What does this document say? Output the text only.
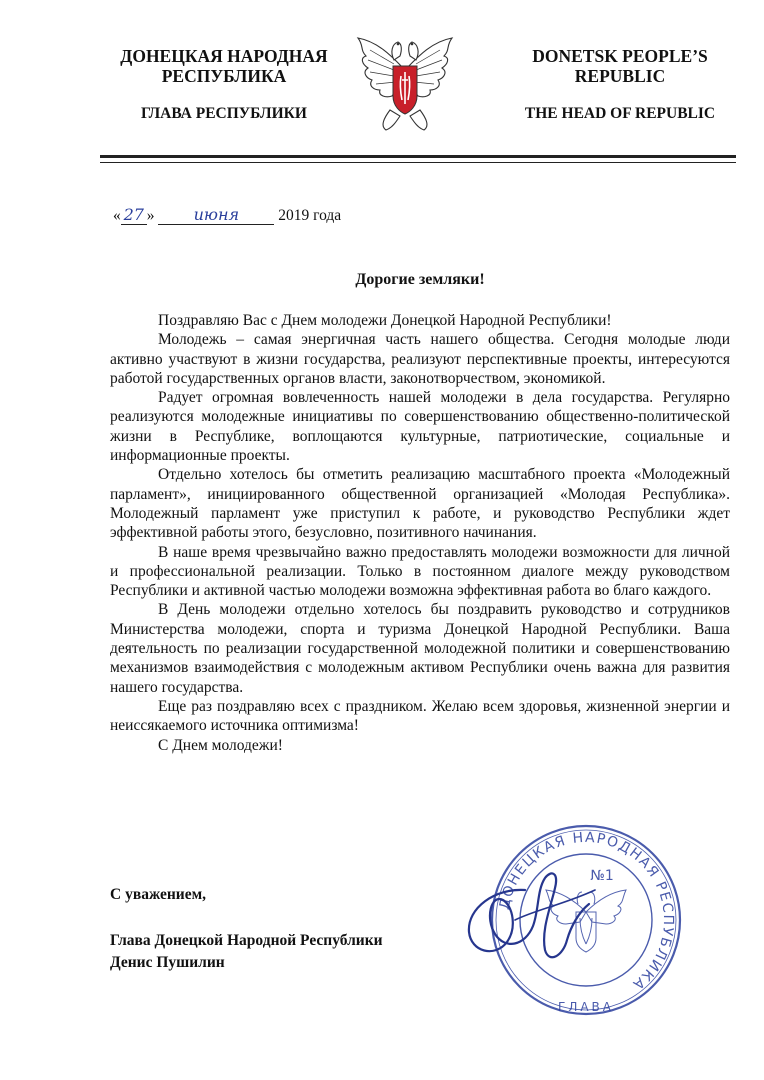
ДОНЕЦКАЯ НАРОДНАЯ
РЕСПУБЛИКА
ГЛАВА РЕСПУБЛИКИ
DONETSK PEOPLE’S
REPUBLIC
THE HEAD OF REPUBLIC
« 27 » июня	2019 года
Дорогие земляки!

Поздравляю Вас с Днем молодежи Донецкой Народной Республики!

Молодежь – самая энергичная часть нашего общества. Сегодня молодые люди активно участвуют в жизни государства, реализуют перспективные проекты, интересуются работой государственных органов власти, законотворчеством, экономикой.

Радует огромная вовлеченность нашей молодежи в дела государства. Регулярно реализуются молодежные инициативы по совершенствованию общественно-политической жизни в Республике, воплощаются культурные, патриотические, социальные и информационные проекты.

Отдельно хотелось бы отметить реализацию масштабного проекта «Молодежный парламент», инициированного общественной организацией «Молодая Республика». Молодежный парламент уже приступил к работе, и руководство Республики ждет эффективной работы этого, безусловно, позитивного начинания.

В наше время чрезвычайно важно предоставлять молодежи возможности для личной и профессиональной реализации. Только в постоянном диалоге между руководством Республики и активной частью молодежи возможна эффективная работа во благо каждого.

В День молодежи отдельно хотелось бы поздравить руководство и сотрудников Министерства молодежи, спорта и туризма Донецкой Народной Республики. Ваша деятельность по реализации государственной молодежной политики и совершенствованию механизмов взаимодействия с молодежным активом Республики очень важна для развития нашего государства.

Еще раз поздравляю всех с праздником. Желаю всем здоровья, жизненной энергии и неиссякаемого источника оптимизма!

С Днем молодежи!

С уважением,
Глава Донецкой Народной Республики
Денис Пушилин
ДОНЕЦКАЯ НАРОДНАЯ РЕСПУБЛИКА
ГЛАВА
№1
